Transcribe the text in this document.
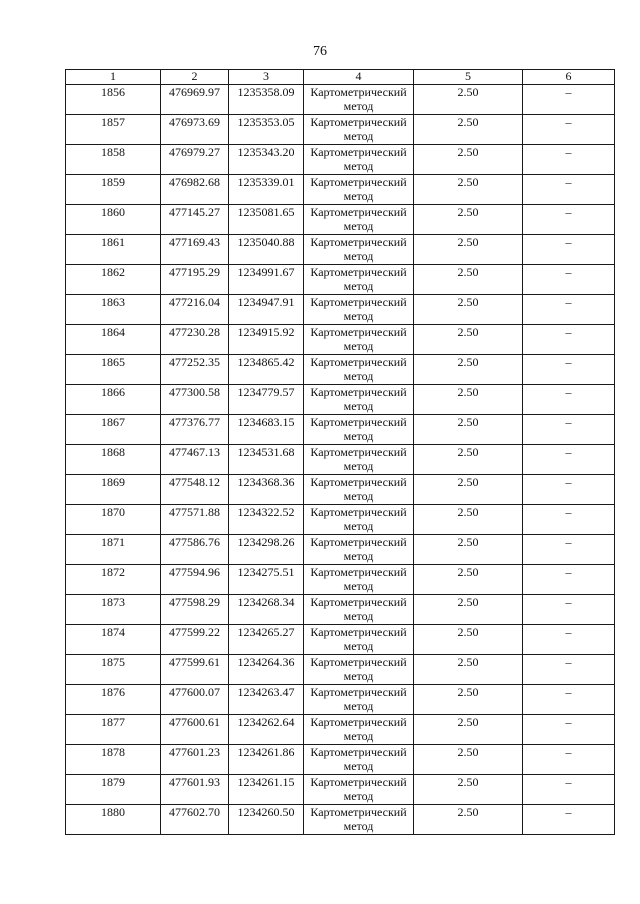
76
1	2	3	4	5	6
1856	476969.97	1235358.09	Картометрический
метод	2.50	–
1857	476973.69	1235353.05	Картометрический
метод	2.50	–
1858	476979.27	1235343.20	Картометрический
метод	2.50	–
1859	476982.68	1235339.01	Картометрический
метод	2.50	–
1860	477145.27	1235081.65	Картометрический
метод	2.50	–
1861	477169.43	1235040.88	Картометрический
метод	2.50	–
1862	477195.29	1234991.67	Картометрический
метод	2.50	–
1863	477216.04	1234947.91	Картометрический
метод	2.50	–
1864	477230.28	1234915.92	Картометрический
метод	2.50	–
1865	477252.35	1234865.42	Картометрический
метод	2.50	–
1866	477300.58	1234779.57	Картометрический
метод	2.50	–
1867	477376.77	1234683.15	Картометрический
метод	2.50	–
1868	477467.13	1234531.68	Картометрический
метод	2.50	–
1869	477548.12	1234368.36	Картометрический
метод	2.50	–
1870	477571.88	1234322.52	Картометрический
метод	2.50	–
1871	477586.76	1234298.26	Картометрический
метод	2.50	–
1872	477594.96	1234275.51	Картометрический
метод	2.50	–
1873	477598.29	1234268.34	Картометрический
метод	2.50	–
1874	477599.22	1234265.27	Картометрический
метод	2.50	–
1875	477599.61	1234264.36	Картометрический
метод	2.50	–
1876	477600.07	1234263.47	Картометрический
метод	2.50	–
1877	477600.61	1234262.64	Картометрический
метод	2.50	–
1878	477601.23	1234261.86	Картометрический
метод	2.50	–
1879	477601.93	1234261.15	Картометрический
метод	2.50	–
1880	477602.70	1234260.50	Картометрический
метод	2.50	–
